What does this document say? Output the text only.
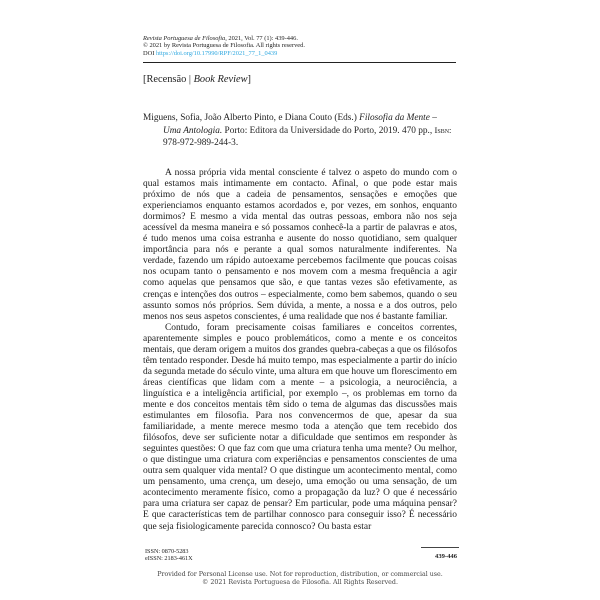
Revista Portuguesa de Filosofia, 2021, Vol. 77 (1): 439-446.
© 2021 by Revista Portuguesa de Filosofia. All rights reserved.
DOI https://doi.org/10.17990/RPF/2021_77_1_0439
[Recensão | Book Review]
Miguens, Sofia, João Alberto Pinto, e Diana Couto (Eds.) Filosofia da Mente – Uma Antologia. Porto: Editora da Universidade do Porto, 2019. 470 pp., Isbn: 978-972-989-244-3.

A nossa própria vida mental consciente é talvez o aspeto do mundo com o qual estamos mais intimamente em contacto. Afinal, o que pode estar mais próximo de nós que a cadeia de pensamentos, sensações e emoções que experienciamos enquanto estamos acordados e, por vezes, em sonhos, enquanto dormimos? E mesmo a vida mental das outras pessoas, embora não nos seja acessível da mesma maneira e só possamos conhecê-la a partir de palavras e atos, é tudo menos uma coisa estranha e ausente do nosso quotidiano, sem qualquer importância para nós e perante a qual somos naturalmente indiferentes. Na verdade, fazendo um rápido autoexame percebemos facilmente que poucas coisas nos ocupam tanto o pensamento e nos movem com a mesma frequência a agir como aquelas que pensamos que são, e que tantas vezes são efetivamente, as crenças e intenções dos outros – especialmente, como bem sabemos, quando o seu assunto somos nós próprios. Sem dúvida, a mente, a nossa e a dos outros, pelo menos nos seus aspetos conscientes, é uma realidade que nos é bastante familiar.

Contudo, foram precisamente coisas familiares e conceitos correntes, aparentemente simples e pouco problemáticos, como a mente e os conceitos mentais, que deram origem a muitos dos grandes quebra-cabeças a que os filósofos têm tentado responder. Desde há muito tempo, mas especialmente a partir do início da segunda metade do século vinte, uma altura em que houve um florescimento em áreas científicas que lidam com a mente – a psicologia, a neurociência, a linguística e a inteligência artificial, por exemplo –, os problemas em torno da mente e dos conceitos mentais têm sido o tema de algumas das discussões mais estimulantes em filosofia. Para nos convencermos de que, apesar da sua familiaridade, a mente merece mesmo toda a atenção que tem recebido dos filósofos, deve ser suficiente notar a dificuldade que sentimos em responder às seguintes questões: O que faz com que uma criatura tenha uma mente? Ou melhor, o que distingue uma criatura com experiências e pensamentos conscientes de uma outra sem qualquer vida mental? O que distingue um acontecimento mental, como um pensamento, uma crença, um desejo, uma emoção ou uma sensação, de um acontecimento meramente físico, como a propagação da luz? O que é necessário para uma criatura ser capaz de pensar? Em particular, pode uma máquina pensar? E que características tem de partilhar connosco para conseguir isso? É necessário que seja fisiologicamente parecida connosco? Ou basta estar

ISSN: 0870-5283
eISSN: 2183-461X	439-446
Provided for Personal License use. Not for reproduction, distribution, or commercial use.
© 2021 Revista Portuguesa de Filosofia. All Rights Reserved.
